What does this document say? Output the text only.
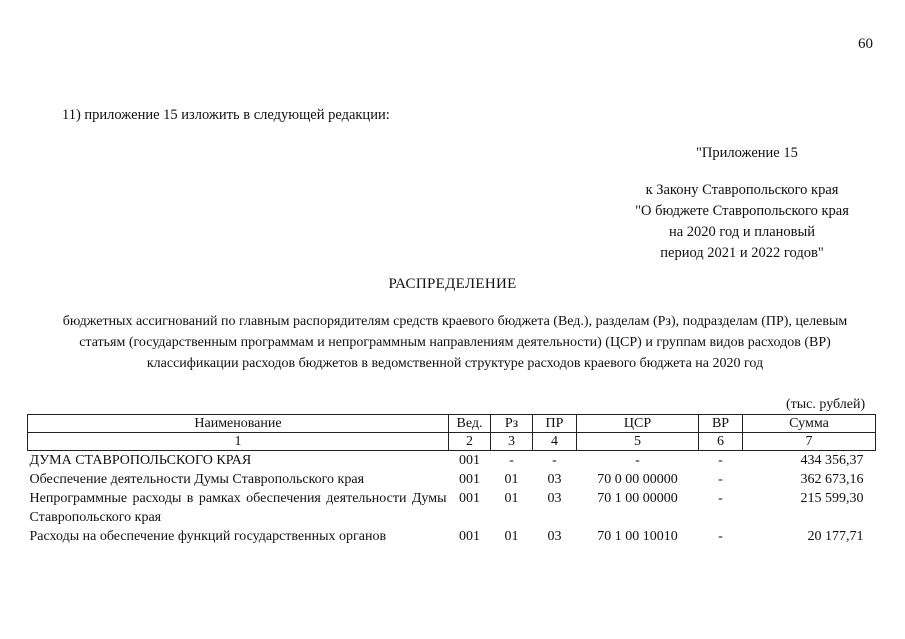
60
11) приложение 15 изложить в следующей редакции:
"Приложение 15
к Закону Ставропольского края
"О бюджете Ставропольского края
на 2020 год и плановый
период 2021 и 2022 годов"
РАСПРЕДЕЛЕНИЕ
бюджетных ассигнований по главным распорядителям средств краевого бюджета (Вед.), разделам (Рз), подразделам (ПР), целевым статьям (государственным программам и непрограммным направлениям деятельности) (ЦСР) и группам видов расходов (ВР) классификации расходов бюджетов в ведомственной структуре расходов краевого бюджета на 2020 год
(тыс. рублей)
Наименование	Вед.	Рз	ПР	ЦСР	ВР	Сумма
1	2	3	4	5	6	7
ДУМА СТАВРОПОЛЬСКОГО КРАЯ	001	-	-	-	-	434 356,37
Обеспечение деятельности Думы Ставропольского края	001	01	03	70 0 00 00000	-	362 673,16
Непрограммные расходы в рамках обеспечения деятельности Думы Ставропольского края	001	01	03	70 1 00 00000	-	215 599,30
Расходы на обеспечение функций государственных органов	001	01	03	70 1 00 10010	-	20 177,71
